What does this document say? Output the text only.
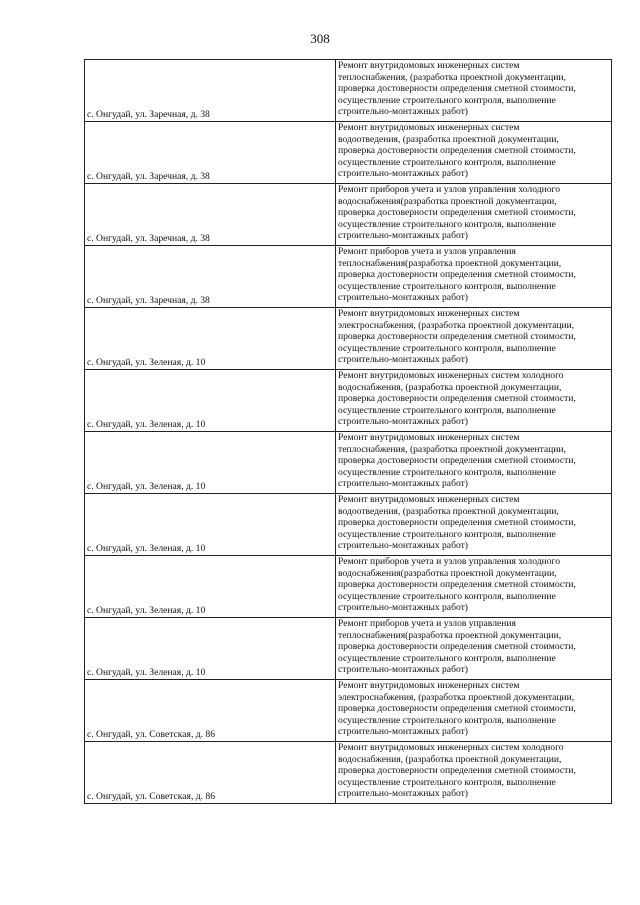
308
с. Онгудай, ул. Заречная, д. 38	Ремонт внутридомовых инженерных систем
теплоснабжения, (разработка проектной документации,
проверка достоверности определения сметной стоимости,
осуществление строительного контроля, выполнение
строительно-монтажных работ)
с. Онгудай, ул. Заречная, д. 38	Ремонт внутридомовых инженерных систем
водоотведения, (разработка проектной документации,
проверка достоверности определения сметной стоимости,
осуществление строительного контроля, выполнение
строительно-монтажных работ)
с. Онгудай, ул. Заречная, д. 38	Ремонт приборов учета и узлов управления холодного
водоснабжения(разработка проектной документации,
проверка достоверности определения сметной стоимости,
осуществление строительного контроля, выполнение
строительно-монтажных работ)
с. Онгудай, ул. Заречная, д. 38	Ремонт приборов учета и узлов управления
теплоснабжения(разработка проектной документации,
проверка достоверности определения сметной стоимости,
осуществление строительного контроля, выполнение
строительно-монтажных работ)
с. Онгудай, ул. Зеленая, д. 10	Ремонт внутридомовых инженерных систем
электроснабжения, (разработка проектной документации,
проверка достоверности определения сметной стоимости,
осуществление строительного контроля, выполнение
строительно-монтажных работ)
с. Онгудай, ул. Зеленая, д. 10	Ремонт внутридомовых инженерных систем холодного
водоснабжения, (разработка проектной документации,
проверка достоверности определения сметной стоимости,
осуществление строительного контроля, выполнение
строительно-монтажных работ)
с. Онгудай, ул. Зеленая, д. 10	Ремонт внутридомовых инженерных систем
теплоснабжения, (разработка проектной документации,
проверка достоверности определения сметной стоимости,
осуществление строительного контроля, выполнение
строительно-монтажных работ)
с. Онгудай, ул. Зеленая, д. 10	Ремонт внутридомовых инженерных систем
водоотведения, (разработка проектной документации,
проверка достоверности определения сметной стоимости,
осуществление строительного контроля, выполнение
строительно-монтажных работ)
с. Онгудай, ул. Зеленая, д. 10	Ремонт приборов учета и узлов управления холодного
водоснабжения(разработка проектной документации,
проверка достоверности определения сметной стоимости,
осуществление строительного контроля, выполнение
строительно-монтажных работ)
с. Онгудай, ул. Зеленая, д. 10	Ремонт приборов учета и узлов управления
теплоснабжения(разработка проектной документации,
проверка достоверности определения сметной стоимости,
осуществление строительного контроля, выполнение
строительно-монтажных работ)
с. Онгудай, ул. Советская, д. 86	Ремонт внутридомовых инженерных систем
электроснабжения, (разработка проектной документации,
проверка достоверности определения сметной стоимости,
осуществление строительного контроля, выполнение
строительно-монтажных работ)
с. Онгудай, ул. Советская, д. 86	Ремонт внутридомовых инженерных систем холодного
водоснабжения, (разработка проектной документации,
проверка достоверности определения сметной стоимости,
осуществление строительного контроля, выполнение
строительно-монтажных работ)
